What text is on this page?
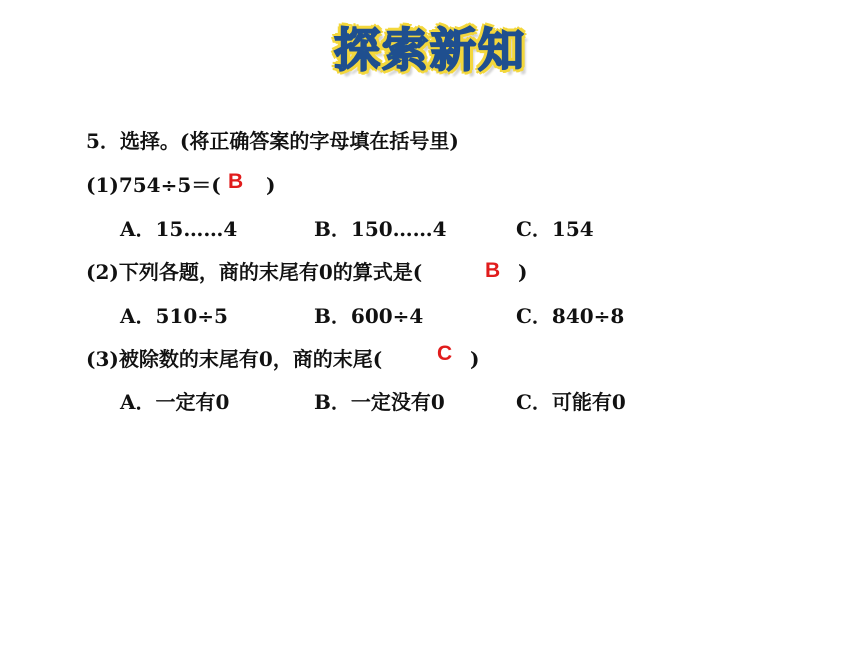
探索新知
5．选择。(将正确答案的字母填在括号里)
(1)754÷5＝( B )
A．15……4	B．150……4	C．154
(2)下列各题，商的末尾有0的算式是(	B )
A．510÷5	B．600÷4	C．840÷8
(3)被除数的末尾有0，商的末尾(	C )
A．一定有0	B．一定没有0	C．可能有0
